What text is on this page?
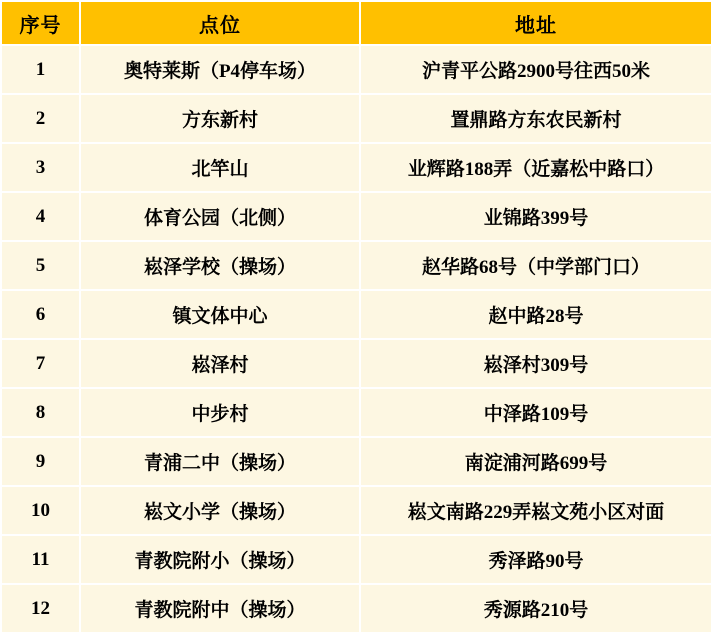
序号	点位	地址
1	奥特莱斯（P4停车场）	沪青平公路2900号往西50米
2	方东新村	置鼎路方东农民新村
3	北竿山	业辉路188弄（近嘉松中路口）
4	体育公园（北侧）	业锦路399号
5	崧泽学校（操场）	赵华路68号（中学部门口）
6	镇文体中心	赵中路28号
7	崧泽村	崧泽村309号
8	中步村	中泽路109号
9	青浦二中（操场）	南淀浦河路699号
10	崧文小学（操场）	崧文南路229弄崧文苑小区对面
11	青教院附小（操场）	秀泽路90号
12	青教院附中（操场）	秀源路210号
